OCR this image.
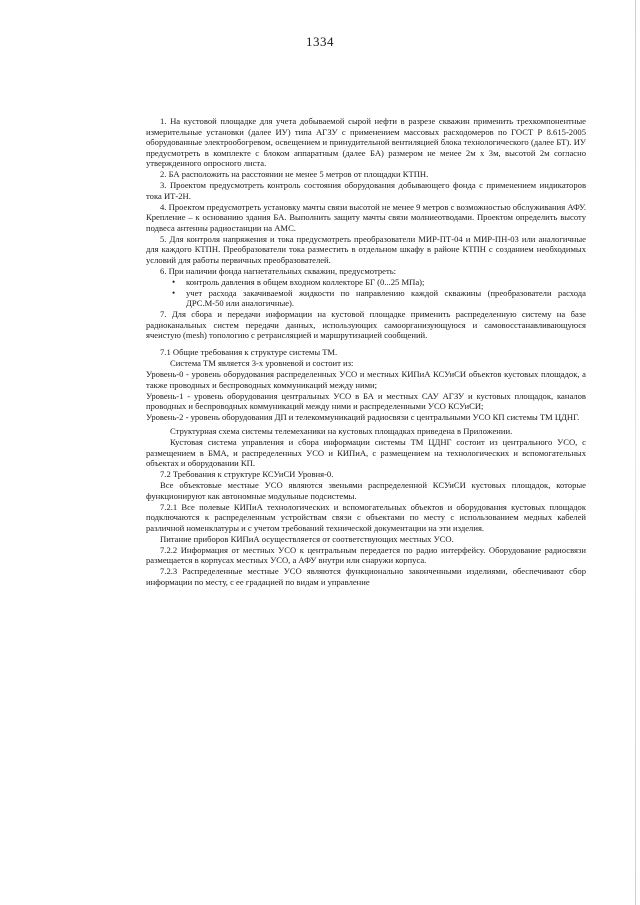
1334

1. На кустовой площадке для учета добываемой сырой нефти в разрезе скважин применить трехкомпонентные измерительные установки (далее ИУ) типа АГЗУ с применением массовых расходомеров по ГОСТ Р 8.615-2005 оборудованные электрообогревом, освещением и принудительной вентиляцией блока технологического (далее БТ). ИУ предусмотреть в комплекте с блоком аппаратным (далее БА) размером не менее 2м х 3м, высотой 2м согласно утвержденного опросного листа.

2. БА расположить на расстоянии не менее 5 метров от площадки КТПН.

3. Проектом предусмотреть контроль состояния оборудования добывающего фонда с применением индикаторов тока ИТ-2Н.

4. Проектом предусмотреть установку мачты связи высотой не менее 9 метров с возможностью обслуживания АФУ. Крепление – к основанию здания БА. Выполнить защиту мачты связи молниеотводами. Проектом определить высоту подвеса антенны радиостанции на АМС.

5. Для контроля напряжения и тока предусмотреть преобразователи МИР-ПТ-04 и МИР-ПН-03 или аналогичные для каждого КТПН. Преобразователи тока разместить в отдельном шкафу в районе КТПН с созданием необходимых условий для работы первичных преобразователей.

6. При наличии фонда нагнетательных скважин, предусмотреть:

• контроль давления в общем входном коллекторе БГ (0...25 МПа);
• учет расхода закачиваемой жидкости по направлению каждой скважины (преобразователи расхода ДРС.М-50 или аналогичные).

7. Для сбора и передачи информации на кустовой площадке применить распределенную систему на базе радиоканальных систем передачи данных, использующих самоорганизующуюся и самовосстанавливающуюся ячеистую (mesh) топологию с ретрансляцией и маршрутизацией сообщений.

7.1 Общие требования к структуре системы ТМ.

Система ТМ является 3-х уровневой и состоит из:

Уровень-0 - уровень оборудования распределенных УСО и местных КИПиА КСУиСИ объектов кустовых площадок, а также проводных и беспроводных коммуникаций между ними;

Уровень-1 - уровень оборудования центральных УСО в БА и местных САУ АГЗУ и кустовых площадок, каналов проводных и беспроводных коммуникаций между ними и распределенными УСО КСУиСИ;

Уровень-2 - уровень оборудования ДП и телекоммуникаций радиосвязи с центральными УСО КП системы ТМ ЦДНГ.

Структурная схема системы телемеханики на кустовых площадках приведена в Приложении.

Кустовая система управления и сбора информации системы ТМ ЦДНГ состоит из центрального УСО, с размещением в БМА, и распределенных УСО и КИПиА, с размещением на технологических и вспомогательных объектах и оборудовании КП.

7.2 Требования к структуре КСУиСИ Уровня-0.

Все объектовые местные УСО являются звеньями распределенной КСУиСИ кустовых площадок, которые функционируют как автономные модульные подсистемы.

7.2.1 Все полевые КИПиА технологических и вспомогательных объектов и оборудования кустовых площадок подключаются к распределенным устройствам связи с объектами по месту с использованием медных кабелей различной номенклатуры и с учетом требований технической документации на эти изделия.

Питание приборов КИПиА осуществляется от соответствующих местных УСО.

7.2.2 Информация от местных УСО к центральным передается по радио интерфейсу. Оборудование радиосвязи размещается в корпусах местных УСО, а АФУ внутри или снаружи корпуса.

7.2.3 Распределенные местные УСО являются функционально законченными изделиями, обеспечивают сбор информации по месту, с ее градацией по видам и управление
